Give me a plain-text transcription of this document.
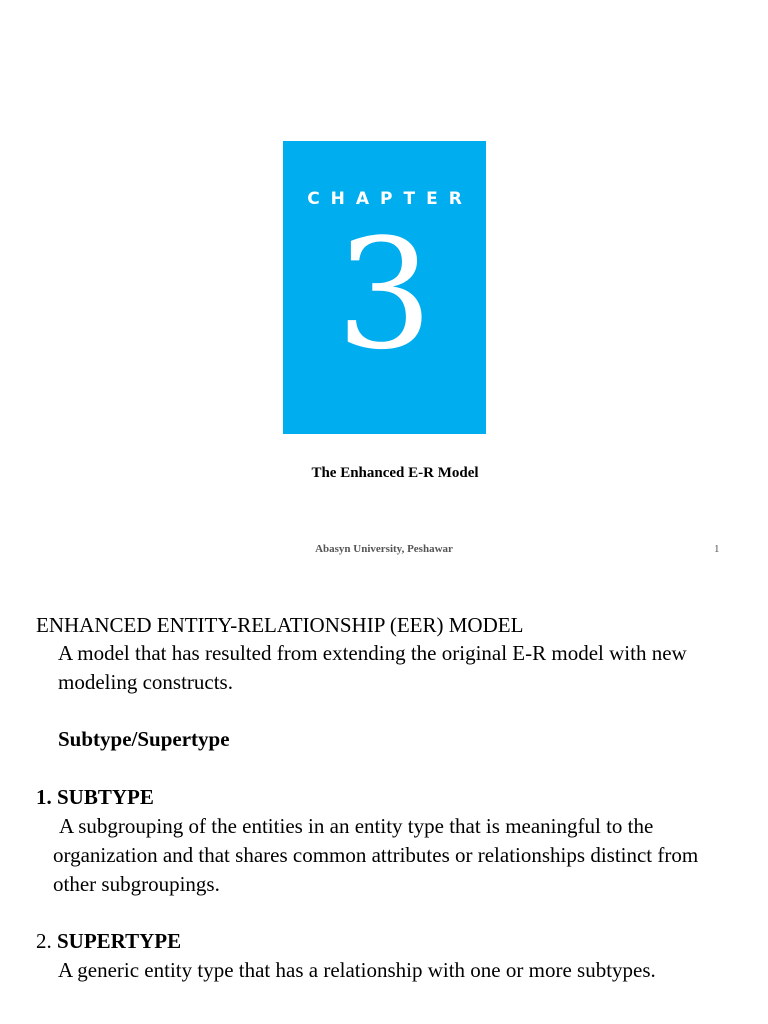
CHAPTER
3
The Enhanced E-R Model
Abasyn University, Peshawar	1
ENHANCED ENTITY-RELATIONSHIP (EER) MODEL
A model that has resulted from extending the original E-R model with new modeling constructs.
Subtype/Supertype
1. SUBTYPE
A subgrouping of the entities in an entity type that is meaningful to the organization and that shares common attributes or relationships distinct from other subgroupings.
2. SUPERTYPE
A generic entity type that has a relationship with one or more subtypes.
